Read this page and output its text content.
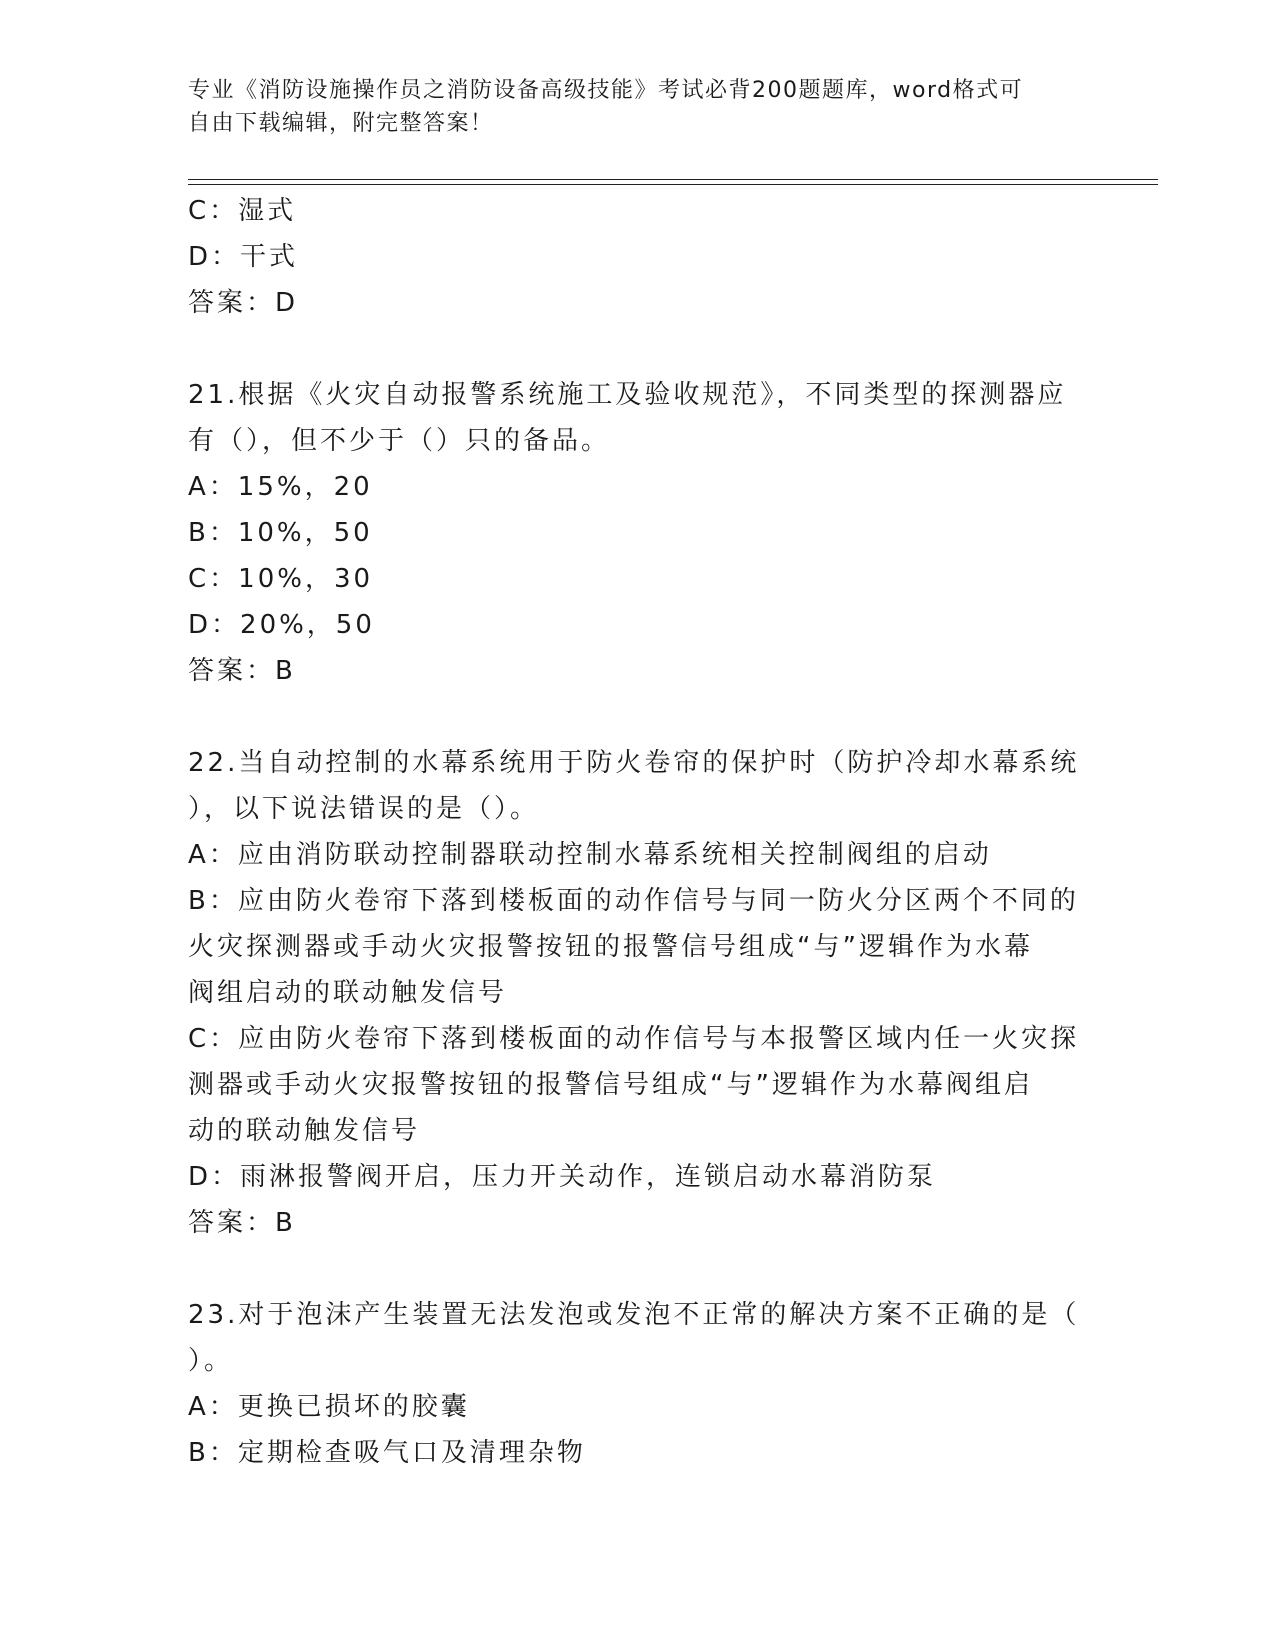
专业《消防设施操作员之消防设备高级技能》考试必背200题题库，word格式可
自由下载编辑，附完整答案！

C：湿式

D：干式

答案：D

21.根据《火灾自动报警系统施工及验收规范》，不同类型的探测器应

有（），但不少于（）只的备品。

A：15%，20

B：10%，50

C：10%，30

D：20%，50

答案：B

22.当自动控制的水幕系统用于防火卷帘的保护时（防护冷却水幕系统

），以下说法错误的是（）。

A：应由消防联动控制器联动控制水幕系统相关控制阀组的启动

B：应由防火卷帘下落到楼板面的动作信号与同一防火分区两个不同的

火灾探测器或手动火灾报警按钮的报警信号组成“与”逻辑作为水幕

阀组启动的联动触发信号

C：应由防火卷帘下落到楼板面的动作信号与本报警区域内任一火灾探

测器或手动火灾报警按钮的报警信号组成“与”逻辑作为水幕阀组启

动的联动触发信号

D：雨淋报警阀开启，压力开关动作，连锁启动水幕消防泵

答案：B

23.对于泡沫产生装置无法发泡或发泡不正常的解决方案不正确的是（

）。

A：更换已损坏的胶囊

B：定期检查吸气口及清理杂物
